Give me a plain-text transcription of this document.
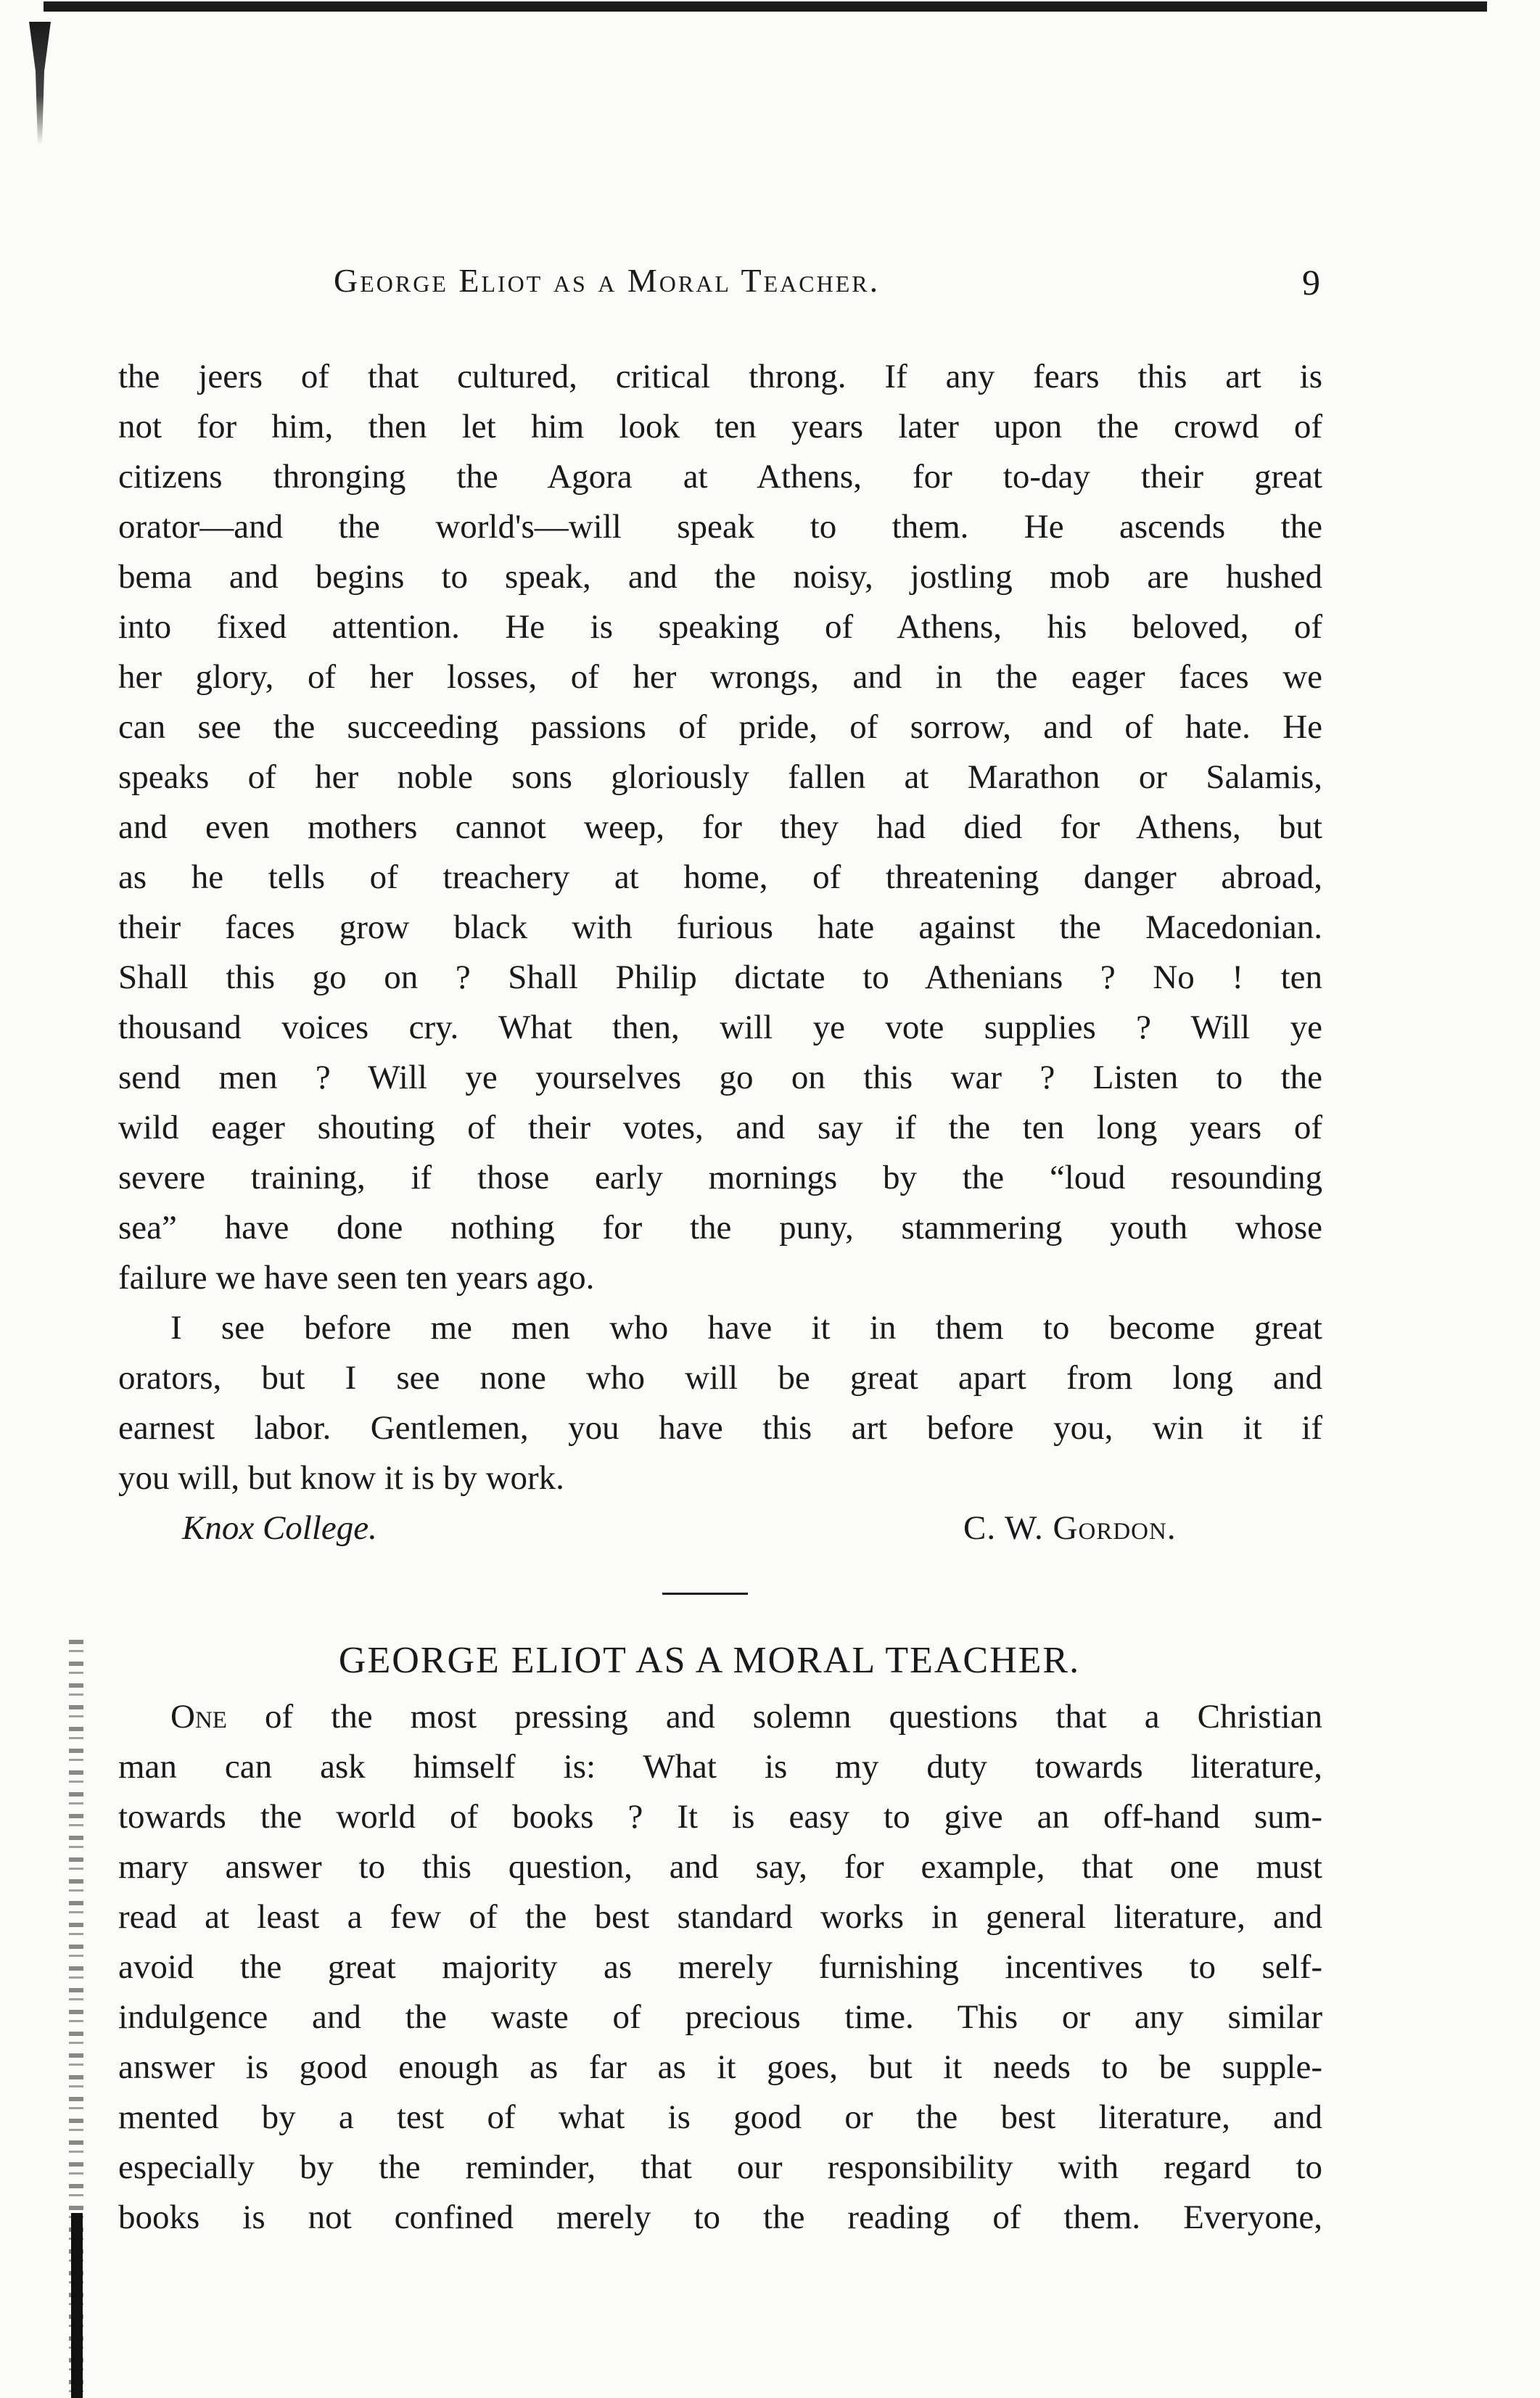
George Eliot as a Moral Teacher.	9
the jeers of that cultured, critical throng. If any fears this art is
not for him, then let him look ten years later upon the crowd of
citizens thronging the Agora at Athens, for to-day their great
orator—and the world's—will speak to them. He ascends the
bema and begins to speak, and the noisy, jostling mob are hushed
into fixed attention. He is speaking of Athens, his beloved, of
her glory, of her losses, of her wrongs, and in the eager faces we
can see the succeeding passions of pride, of sorrow, and of hate. He
speaks of her noble sons gloriously fallen at Marathon or Salamis,
and even mothers cannot weep, for they had died for Athens, but
as he tells of treachery at home, of threatening danger abroad,
their faces grow black with furious hate against the Macedonian.
Shall this go on ? Shall Philip dictate to Athenians ? No ! ten
thousand voices cry. What then, will ye vote supplies ? Will ye
send men ? Will ye yourselves go on this war ? Listen to the
wild eager shouting of their votes, and say if the ten long years of
severe training, if those early mornings by the “loud resounding
sea” have done nothing for the puny, stammering youth whose
failure we have seen ten years ago.
I see before me men who have it in them to become great
orators, but I see none who will be great apart from long and
earnest labor. Gentlemen, you have this art before you, win it if
you will, but know it is by work.
Knox College.	C. W. Gordon.
GEORGE ELIOT AS A MORAL TEACHER.
One of the most pressing and solemn questions that a Christian
man can ask himself is: What is my duty towards literature,
towards the world of books ? It is easy to give an off-hand sum-
mary answer to this question, and say, for example, that one must
read at least a few of the best standard works in general literature, and
avoid the great majority as merely furnishing incentives to self-
indulgence and the waste of precious time. This or any similar
answer is good enough as far as it goes, but it needs to be supple-
mented by a test of what is good or the best literature, and
especially by the reminder, that our responsibility with regard to
books is not confined merely to the reading of them. Everyone,
